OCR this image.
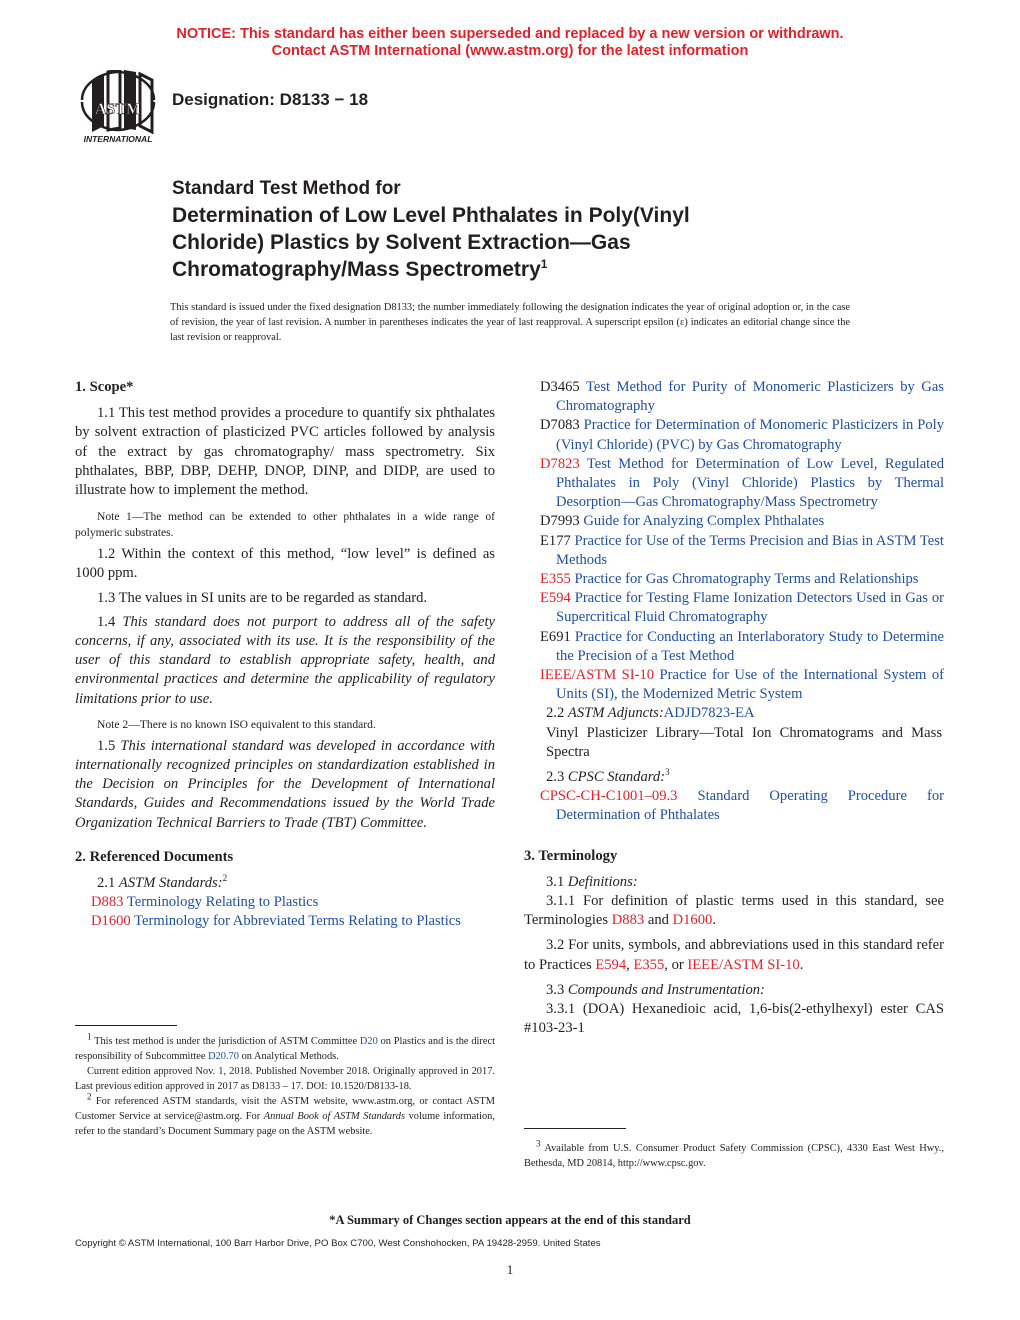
NOTICE: This standard has either been superseded and replaced by a new version or withdrawn.
Contact ASTM International (www.astm.org) for the latest information
ASTM
INTERNATIONAL
Designation: D8133 − 18
Standard Test Method for
Determination of Low Level Phthalates in Poly(Vinyl
Chloride) Plastics by Solvent Extraction—Gas
Chromatography/Mass Spectrometry$^1$
This standard is issued under the fixed designation D8133; the number immediately following the designation indicates the year of original adoption or, in the case of revision, the year of last revision. A number in parentheses indicates the year of last reapproval. A superscript epsilon (ε) indicates an editorial change since the last revision or reapproval.
1. Scope*

1.1 This test method provides a procedure to quantify six phthalates by solvent extraction of plasticized PVC articles followed by analysis of the extract by gas chromatography/ mass spectrometry. Six phthalates, BBP, DBP, DEHP, DNOP, DINP, and DIDP, are used to illustrate how to implement the method.

Note 1—The method can be extended to other phthalates in a wide range of polymeric substrates.

1.2 Within the context of this method, “low level” is defined as 1000 ppm.

1.3 The values in SI units are to be regarded as standard.

1.4 This standard does not purport to address all of the safety concerns, if any, associated with its use. It is the responsibility of the user of this standard to establish appropriate safety, health, and environmental practices and determine the applicability of regulatory limitations prior to use.

Note 2—There is no known ISO equivalent to this standard.

1.5 This international standard was developed in accordance with internationally recognized principles on standardization established in the Decision on Principles for the Development of International Standards, Guides and Recommendations issued by the World Trade Organization Technical Barriers to Trade (TBT) Committee.

2. Referenced Documents

2.1 ASTM Standards:$^2$

D883 Terminology Relating to Plastics
D1600 Terminology for Abbreviated Terms Relating to Plastics
$^1$ This test method is under the jurisdiction of ASTM Committee D20 on Plastics and is the direct responsibility of Subcommittee D20.70 on Analytical Methods.
Current edition approved Nov. 1, 2018. Published November 2018. Originally approved in 2017. Last previous edition approved in 2017 as D8133 – 17. DOI: 10.1520/D8133-18.
$^2$ For referenced ASTM standards, visit the ASTM website, www.astm.org, or contact ASTM Customer Service at service@astm.org. For Annual Book of ASTM Standards volume information, refer to the standard’s Document Summary page on the ASTM website.
D3465 Test Method for Purity of Monomeric Plasticizers by Gas Chromatography
D7083 Practice for Determination of Monomeric Plasticizers in Poly (Vinyl Chloride) (PVC) by Gas Chromatography
D7823 Test Method for Determination of Low Level, Regulated Phthalates in Poly (Vinyl Chloride) Plastics by Thermal Desorption—Gas Chromatography/Mass Spectrometry
D7993 Guide for Analyzing Complex Phthalates
E177 Practice for Use of the Terms Precision and Bias in ASTM Test Methods
E355 Practice for Gas Chromatography Terms and Relationships
E594 Practice for Testing Flame Ionization Detectors Used in Gas or Supercritical Fluid Chromatography
E691 Practice for Conducting an Interlaboratory Study to Determine the Precision of a Test Method
IEEE/ASTM SI-10 Practice for Use of the International System of Units (SI), the Modernized Metric System

2.2 ASTM Adjuncts:ADJD7823-EA

Vinyl Plasticizer Library—Total Ion Chromatograms and Mass Spectra

2.3 CPSC Standard:$^3$

CPSC-CH-C1001–09.3 Standard Operating Procedure for Determination of Phthalates
3. Terminology

3.1 Definitions:

3.1.1 For definition of plastic terms used in this standard, see Terminologies D883 and D1600.

3.2 For units, symbols, and abbreviations used in this standard refer to Practices E594, E355, or IEEE/ASTM SI-10.

3.3 Compounds and Instrumentation:

3.3.1 (DOA) Hexanedioic acid, 1,6-bis(2-ethylhexyl) ester CAS #103-23-1

$^3$ Available from U.S. Consumer Product Safety Commission (CPSC), 4330 East West Hwy., Bethesda, MD 20814, http://www.cpsc.gov.
*A Summary of Changes section appears at the end of this standard
Copyright © ASTM International, 100 Barr Harbor Drive, PO Box C700, West Conshohocken, PA 19428-2959. United States
1
